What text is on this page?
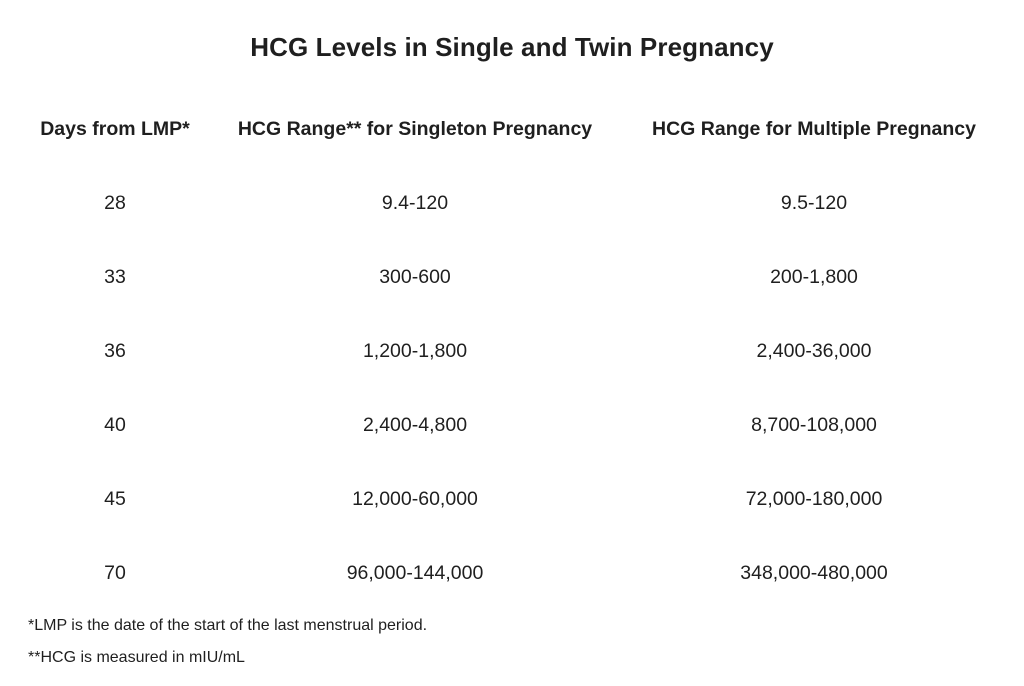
HCG Levels in Single and Twin Pregnancy
Days from LMP*	HCG Range** for Singleton Pregnancy	HCG Range for Multiple Pregnancy

28	9.4-120	9.5-120
33	300-600	200-1,800
36	1,200-1,800	2,400-36,000
40	2,400-4,800	8,700-108,000
45	12,000-60,000	72,000-180,000
70	96,000-144,000	348,000-480,000
*LMP is the date of the start of the last menstrual period.
**HCG is measured in mIU/mL
